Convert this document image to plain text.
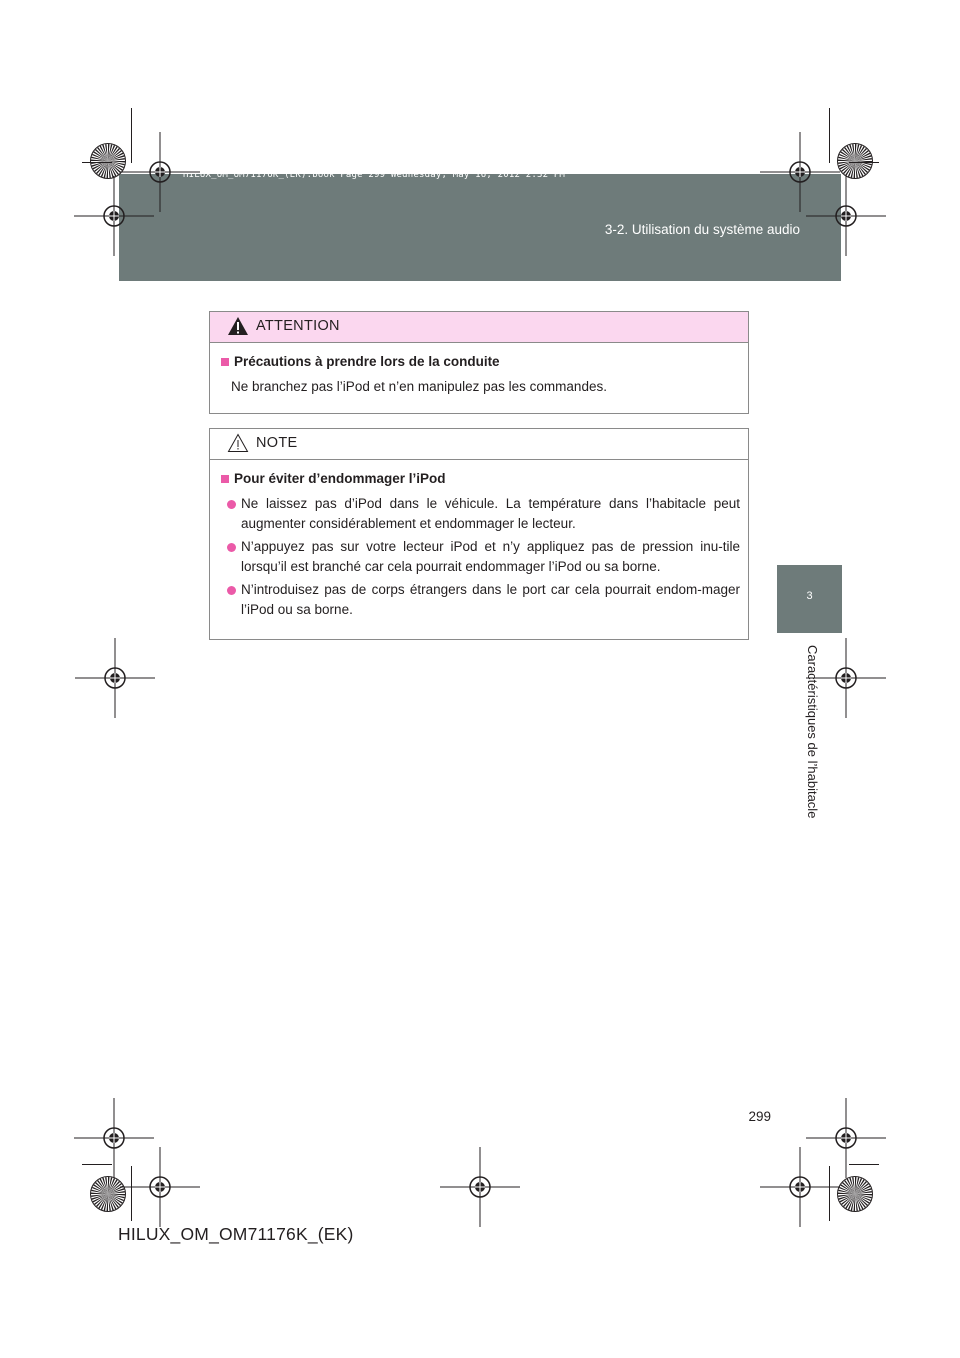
HILUX_OM_OM71176K_(EK).book Page 299 Wednesday, May 16, 2012 2:32 PM
3-2. Utilisation du système audio
3
Caractéristiques de l’habitacle
ATTENTION
Précautions à prendre lors de la conduite
Ne branchez pas l’iPod et n’en manipulez pas les commandes.
NOTE
Pour éviter d’endommager l’iPod
Ne laissez pas d’iPod dans le véhicule. La température dans l’habitacle peut augmenter considérablement et endommager le lecteur.
N’appuyez pas sur votre lecteur iPod et n’y appliquez pas de pression inu-tile lorsqu’il est branché car cela pourrait endommager l’iPod ou sa borne.
N’introduisez pas de corps étrangers dans le port car cela pourrait endom-mager l’iPod ou sa borne.
299
HILUX_OM_OM71176K_(EK)
